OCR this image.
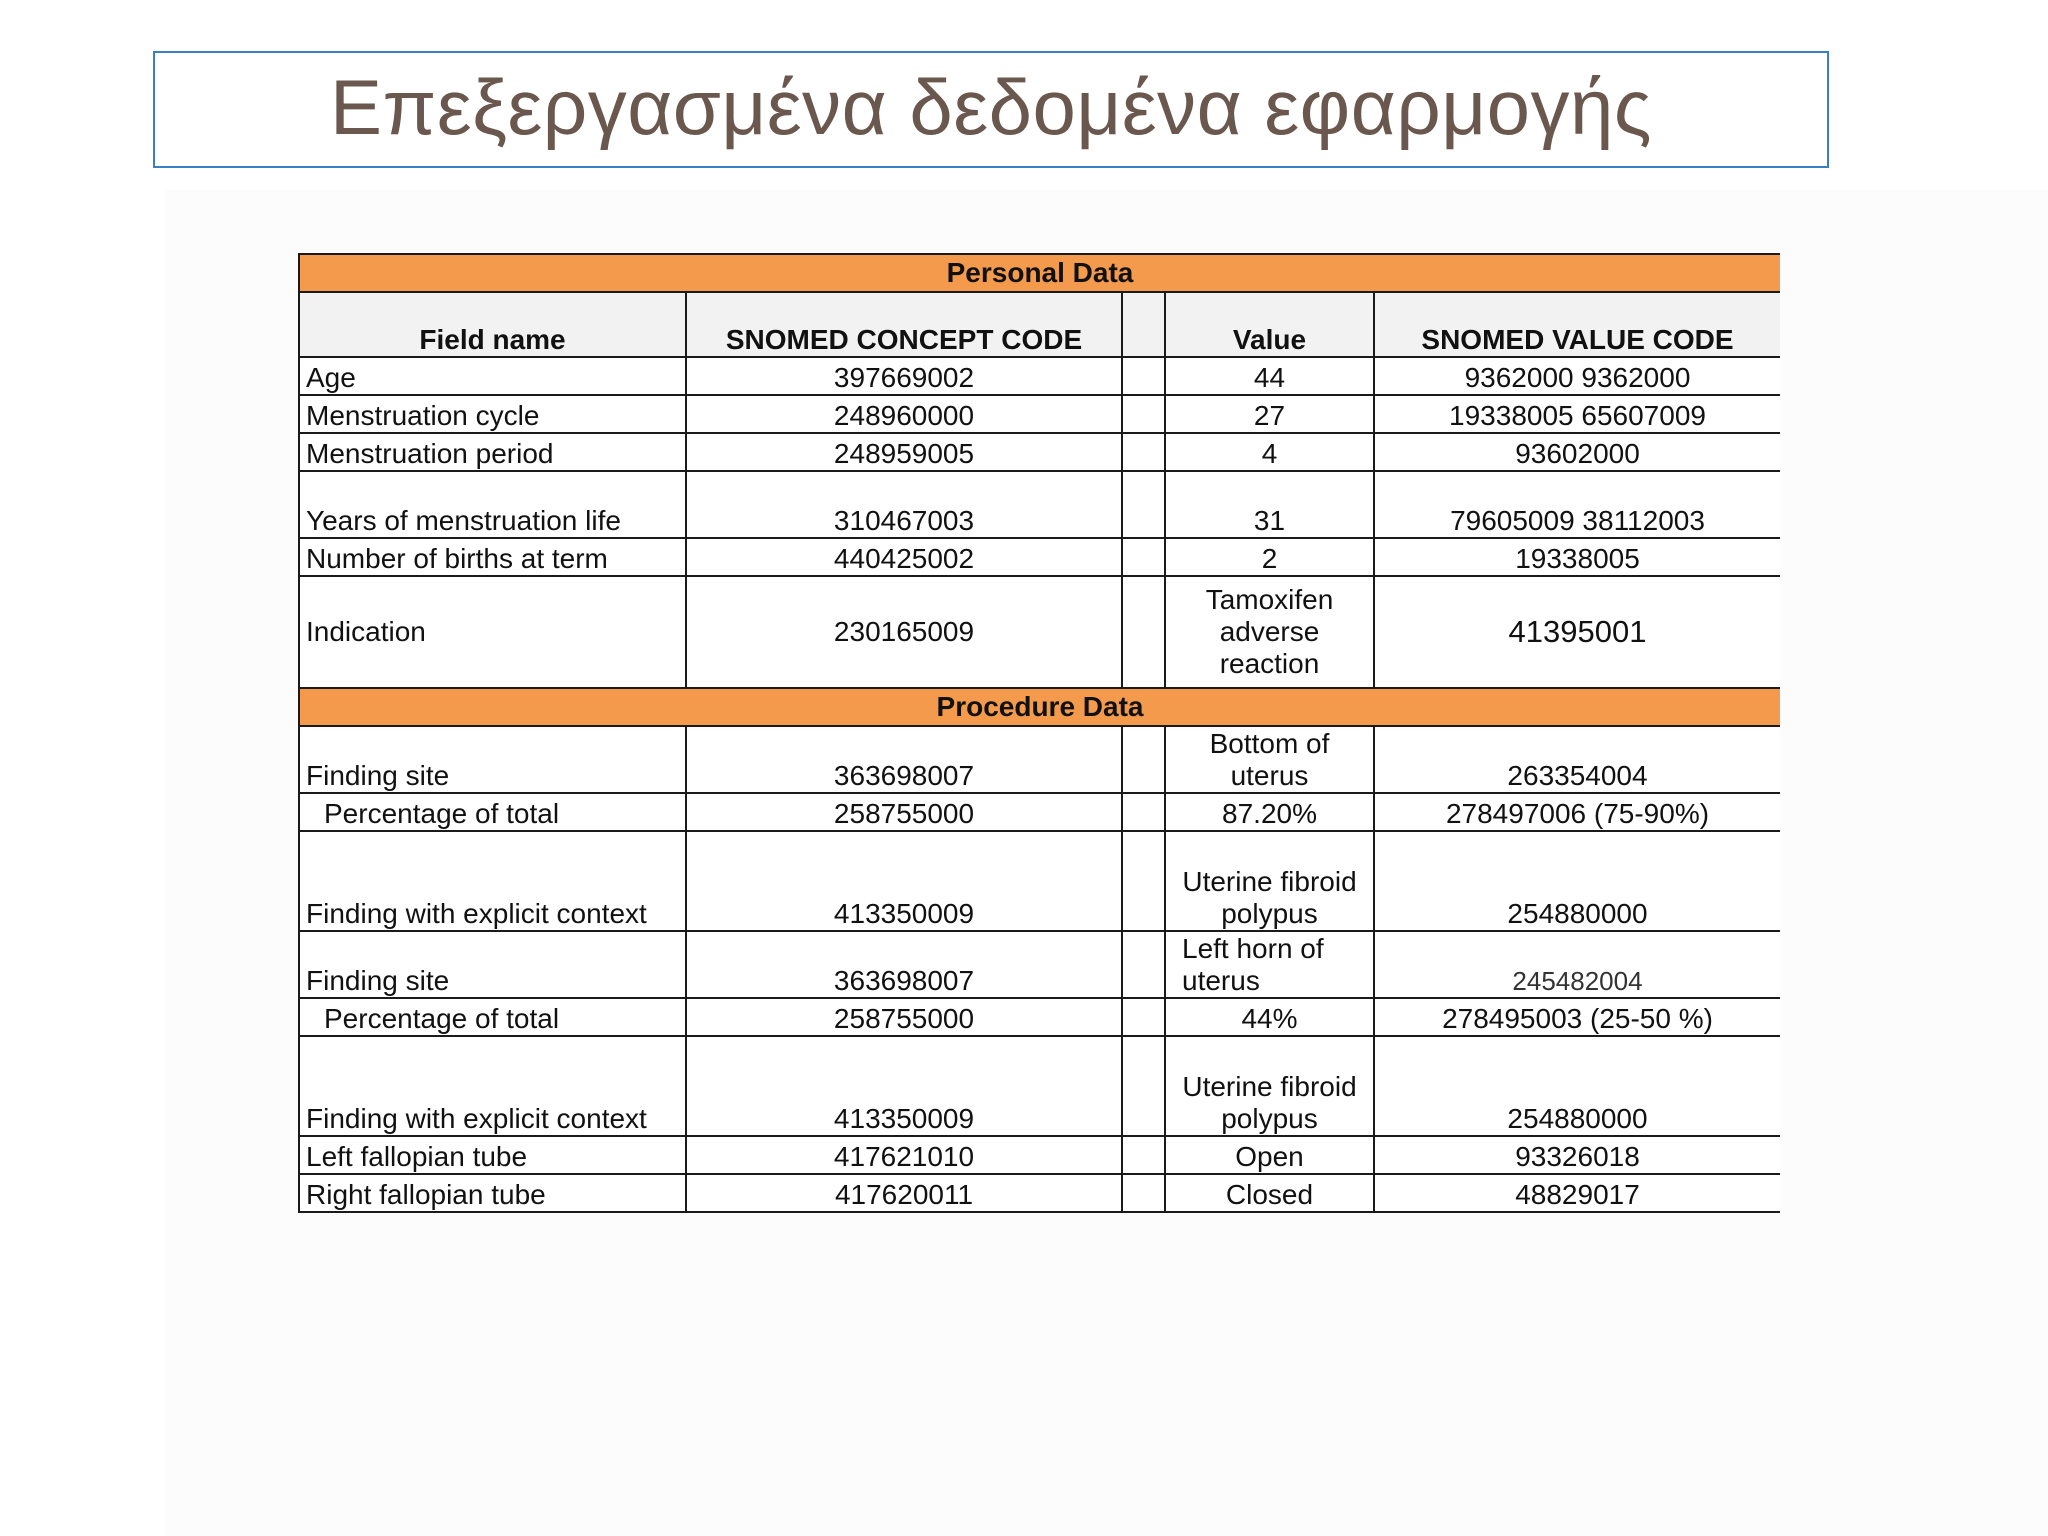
Επεξεργασμένα δεδομένα εφαρμογής
Personal Data				
Field name	SNOMED CONCEPT CODE		Value	SNOMED VALUE CODE
Age	397669002		44	9362000 9362000
Menstruation cycle	248960000		27	19338005 65607009
Menstruation period	248959005		4	93602000
Years of menstruation life	310467003		31	79605009 38112003
Number of births at term	440425002		2	19338005
Indication	230165009		Tamoxifen adverse reaction	41395001
Procedure Data				
Finding site	363698007		Bottom of uterus	263354004
Percentage of total	258755000		87.20%	278497006 (75-90%)
Finding with explicit context	413350009		Uterine fibroid polypus	254880000
Finding site	363698007		Left horn of uterus	245482004
Percentage of total	258755000		44%	278495003 (25-50 %)
Finding with explicit context	413350009		Uterine fibroid polypus	254880000
Left fallopian tube	417621010		Open	93326018
Right fallopian tube	417620011		Closed	48829017
